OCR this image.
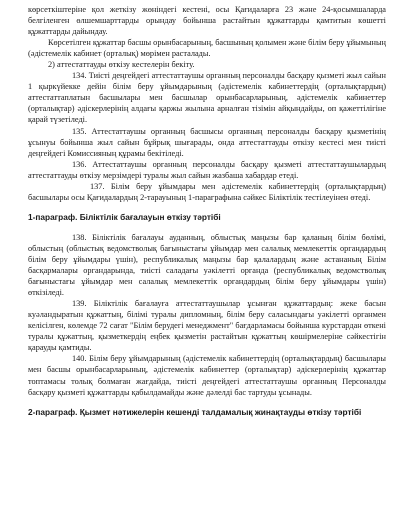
көрсеткіштеріне қол жеткізу жөніндегі кестені, осы Қағидаларға 23 және 24-қосымшаларда белгіленген өлшемшарттарды орындау бойынша растайтын құжаттарды қамтитын көшетті құжаттарды дайындау.

Көрсетілген құжаттар басшы орынбасарының, басшының қолымен және білім беру ұйымының (әдістемелік кабинет (орталық) мөрімен расталады.

2) аттестаттауды өткізу кестелерін бекіту.

134. Тиісті деңгейдегі аттестаттаушы органның персоналды басқару қызметі жыл сайын 1 қыркүйекке дейін білім беру ұйымдарының (әдістемелік кабинеттердің (орталықтардың) аттестаттаплатын басшылары мен басшылар орынбасарларының, әдістемелік кабинеттер (орталықтар) әдіскерлерінің алдағы қаржы жылына арналған тізімін айқындайды, оп қажеттілігіне қарай түзетіледі.

135. Аттестаттаушы органның басшысы органның персоналды басқару қызметінің ұсынуы бойынша жыл сайын бұйрық шығарады, онда аттестаттауды өткізу кестесі мен тиісті деңгейдегі Комиссияның құрамы бекітіледі.

136. Аттестаттаушы органның персоналды басқару қызметі аттестаттаушылардың аттестаттауды өткізу мерзімдері туралы жыл сайын жазбаша хабардар етеді.

137. Білім беру ұйымдары мен әдістемелік кабинеттердің (орталықтардың) басшылары осы Қағидалардың 2-тарауының 1-параграфына сәйкес Біліктілік тестілеуінен өтеді.

1-параграф. Біліктілік бағалауын өткізу тәртібі

138. Біліктілік бағалауы ауданның, облыстық маңызы бар қаланың білім бөлімі, облыстың (облыстық ведомстволық бағыныстағы ұйымдар мен салалық мемлекеттік органдардың білім беру ұйымдары үшін), республикалық маңызы бар қалалардың және астананың Білім басқармалары органдарында, тиісті саладағы уәкілетті органда (республикалық ведомстволық бағыныстағы ұйымдар мен салалық мемлекеттік органдардың білім беру ұйымдары үшін) өткізіледі.

139. Біліктілік бағалауға аттестаттаушылар ұсынған құжаттардың: жеке басын куәландыратын құжаттың, білімі туралы дипломның, білім беру саласындағы уәкілетті органмен келісілген, көлемде 72 сағат "Білім берудегі менеджмент" бағдарламасы бойынша курстардан өткені туралы құжаттың, қызметкердің еңбек қызметін растайтын құжаттың көшірмелеріне сәйкестігін қарауды қамтиды.

140. Білім беру ұйымдарының (әдістемелік кабинеттердің (орталықтардың) басшылары мен басшы орынбасарларының, әдістемелік кабинеттер (орталықтар) әдіскерлерінің құжаттар топтамасы толық болмаған жағдайда, тиісті деңгейдегі аттестаттаушы органның Персоналды басқару қызметі құжаттарды қабылдамайды және дәлелді бас тартуды ұсынады.

2-параграф. Қызмет нәтижелерін кешенді талдамалық жинақтауды өткізу тәртібі
